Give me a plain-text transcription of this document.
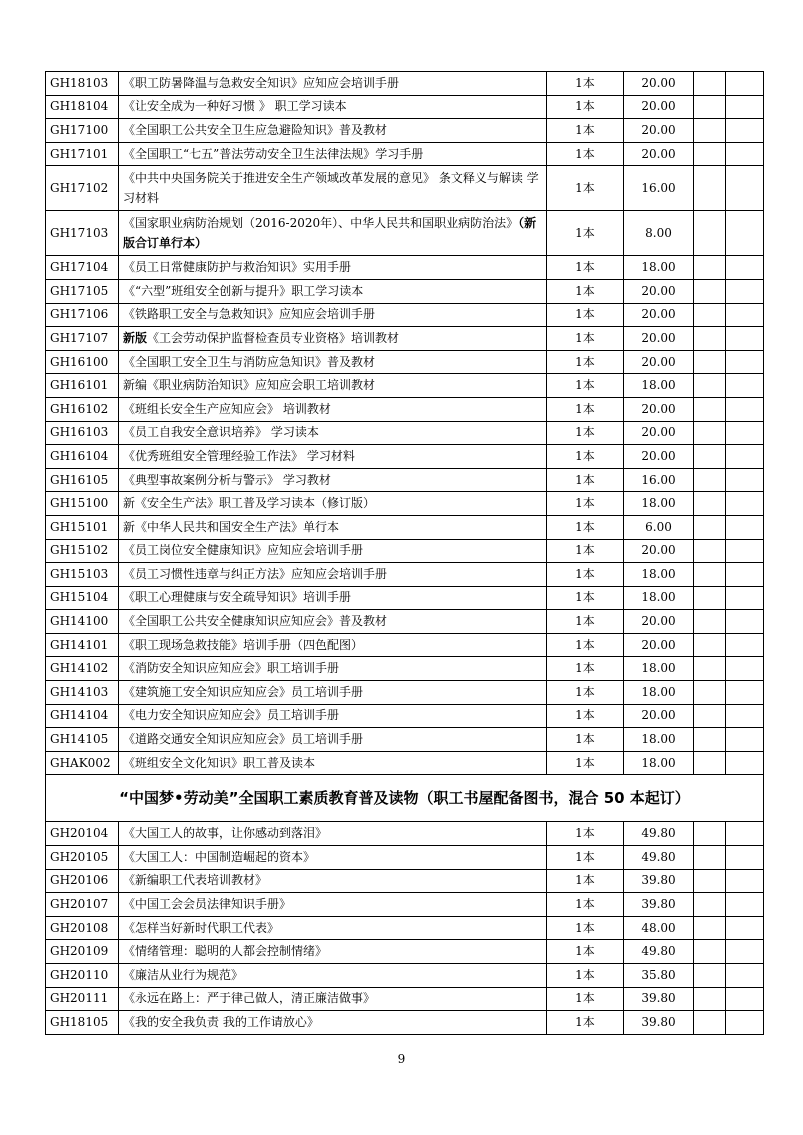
GH18103	《职工防暑降温与急救安全知识》应知应会培训手册	1本	20.00		
GH18104	《让安全成为一种好习惯 》 职工学习读本	1本	20.00		
GH17100	《全国职工公共安全卫生应急避险知识》普及教材	1本	20.00		
GH17101	《全国职工“七五”普法劳动安全卫生法律法规》学习手册	1本	20.00		
GH17102	《中共中央国务院关于推进安全生产领域改革发展的意见》 条文释义与解读 学习材料	1本	16.00		
GH17103	《国家职业病防治规划（2016-2020年）、中华人民共和国职业病防治法》（新版合订单行本）	1本	8.00		
GH17104	《员工日常健康防护与救治知识》实用手册	1本	18.00		
GH17105	《“六型”班组安全创新与提升》职工学习读本	1本	20.00		
GH17106	《铁路职工安全与急救知识》应知应会培训手册	1本	20.00		
GH17107	新版《工会劳动保护监督检查员专业资格》培训教材	1本	20.00		
GH16100	《全国职工安全卫生与消防应急知识》普及教材	1本	20.00		
GH16101	新编《职业病防治知识》应知应会职工培训教材	1本	18.00		
GH16102	《班组长安全生产应知应会》 培训教材	1本	20.00		
GH16103	《员工自我安全意识培养》 学习读本	1本	20.00		
GH16104	《优秀班组安全管理经验工作法》 学习材料	1本	20.00		
GH16105	《典型事故案例分析与警示》 学习教材	1本	16.00		
GH15100	新《安全生产法》职工普及学习读本（修订版）	1本	18.00		
GH15101	新《中华人民共和国安全生产法》单行本	1本	6.00		
GH15102	《员工岗位安全健康知识》应知应会培训手册	1本	20.00		
GH15103	《员工习惯性违章与纠正方法》应知应会培训手册	1本	18.00		
GH15104	《职工心理健康与安全疏导知识》培训手册	1本	18.00		
GH14100	《全国职工公共安全健康知识应知应会》普及教材	1本	20.00		
GH14101	《职工现场急救技能》培训手册（四色配图）	1本	20.00		
GH14102	《消防安全知识应知应会》职工培训手册	1本	18.00		
GH14103	《建筑施工安全知识应知应会》员工培训手册	1本	18.00		
GH14104	《电力安全知识应知应会》员工培训手册	1本	20.00		
GH14105	《道路交通安全知识应知应会》员工培训手册	1本	18.00		
GHAK002	《班组安全文化知识》职工普及读本	1本	18.00		
“中国梦•劳动美”全国职工素质教育普及读物（职工书屋配备图书，混合 50 本起订）					
GH20104	《大国工人的故事，让你感动到落泪》	1本	49.80		
GH20105	《大国工人：中国制造崛起的资本》	1本	49.80		
GH20106	《新编职工代表培训教材》	1本	39.80		
GH20107	《中国工会会员法律知识手册》	1本	39.80		
GH20108	《怎样当好新时代职工代表》	1本	48.00		
GH20109	《情绪管理：聪明的人都会控制情绪》	1本	49.80		
GH20110	《廉洁从业行为规范》	1本	35.80		
GH20111	《永远在路上：严于律己做人，清正廉洁做事》	1本	39.80		
GH18105	《我的安全我负责 我的工作请放心》	1本	39.80		
9
